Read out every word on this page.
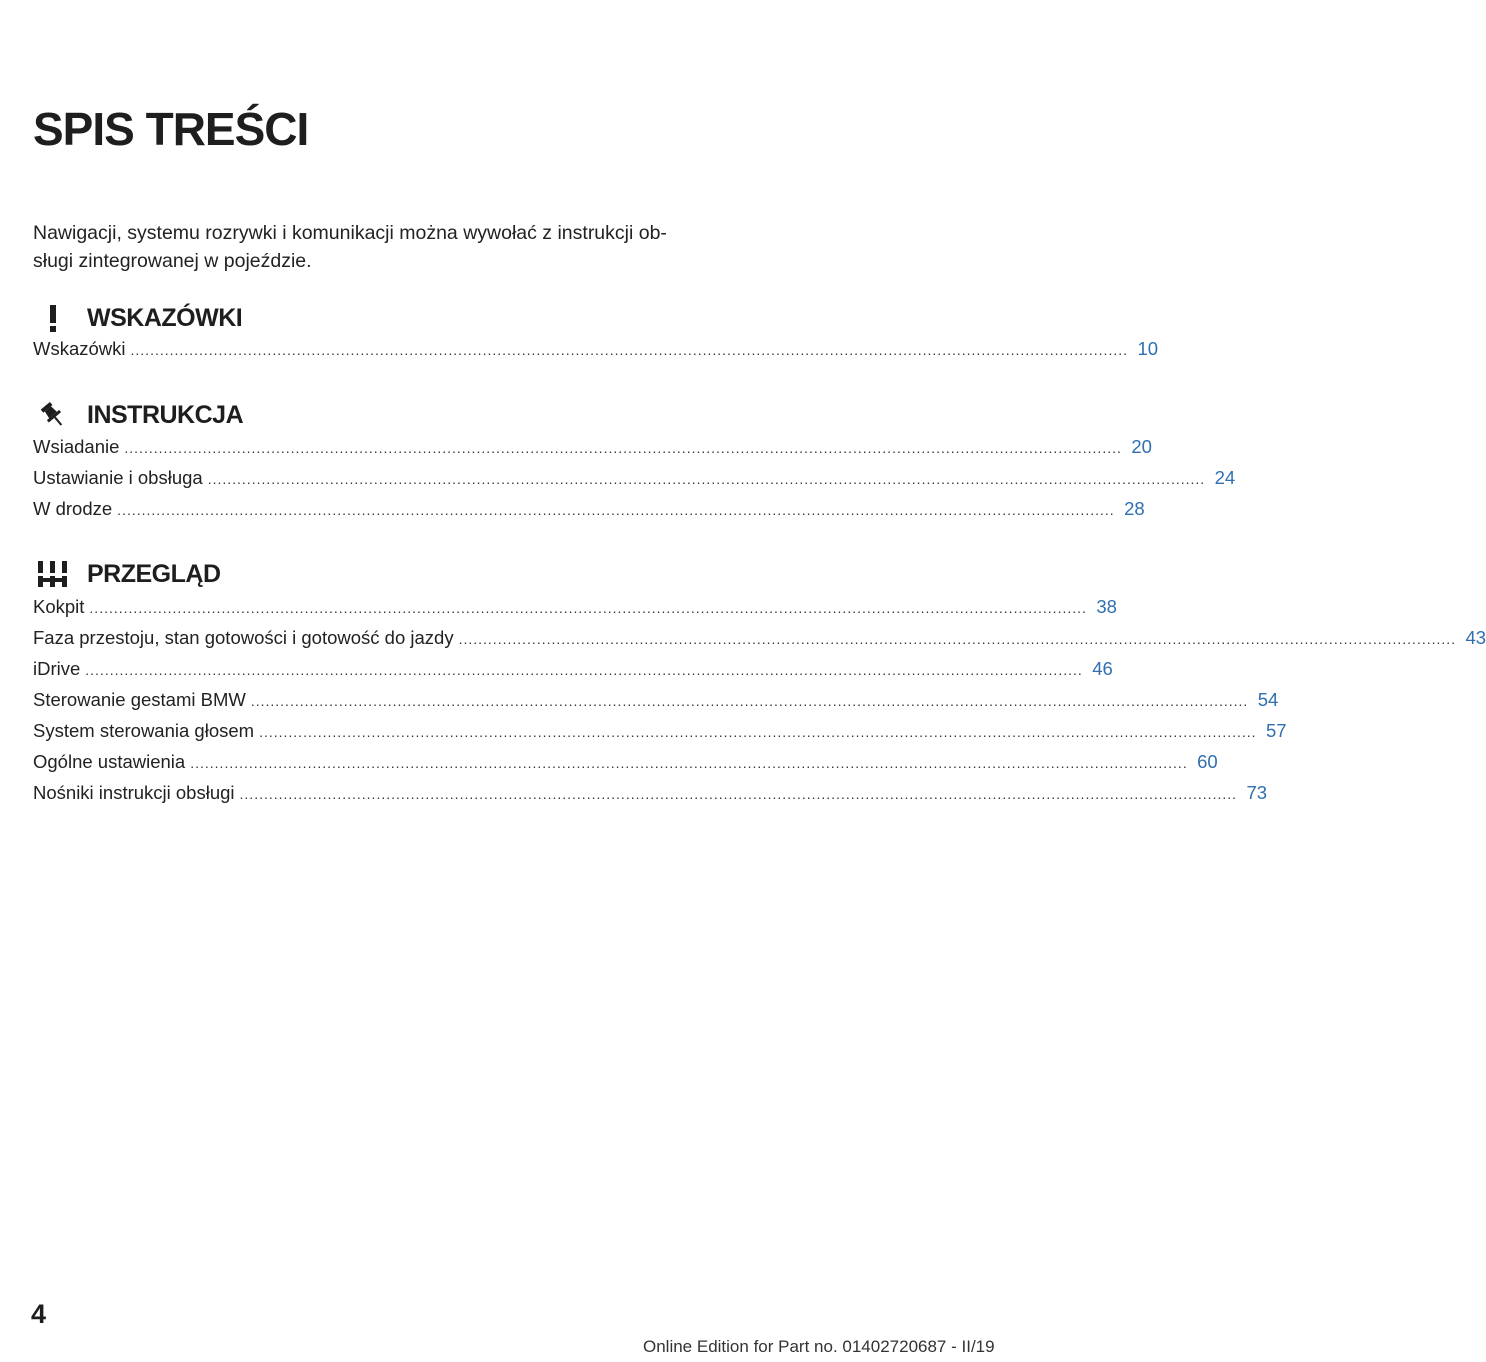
SPIS TREŚCI

Nawigacji, systemu rozrywki i komunikacji można wywołać z instrukcji ob-
sługi zintegrowanej w pojeździe.

WSKAZÓWKI
Wskazówki ............................................................................................................................................................................................................ 10
INSTRUKCJA
Wsiadanie ............................................................................................................................................................................................................ 20
Ustawianie i obsługa ............................................................................................................................................................................................................ 24
W drodze ............................................................................................................................................................................................................ 28
PRZEGLĄD
Kokpit ............................................................................................................................................................................................................ 38
Faza przestoju, stan gotowości i gotowość do jazdy ............................................................................................................................................................................................................ 43
iDrive ............................................................................................................................................................................................................ 46
Sterowanie gestami BMW ............................................................................................................................................................................................................ 54
System sterowania głosem ............................................................................................................................................................................................................ 57
Ogólne ustawienia ............................................................................................................................................................................................................ 60
Nośniki instrukcji obsługi ............................................................................................................................................................................................................ 73
4
Online Edition for Part no. 01402720687 - II/19
